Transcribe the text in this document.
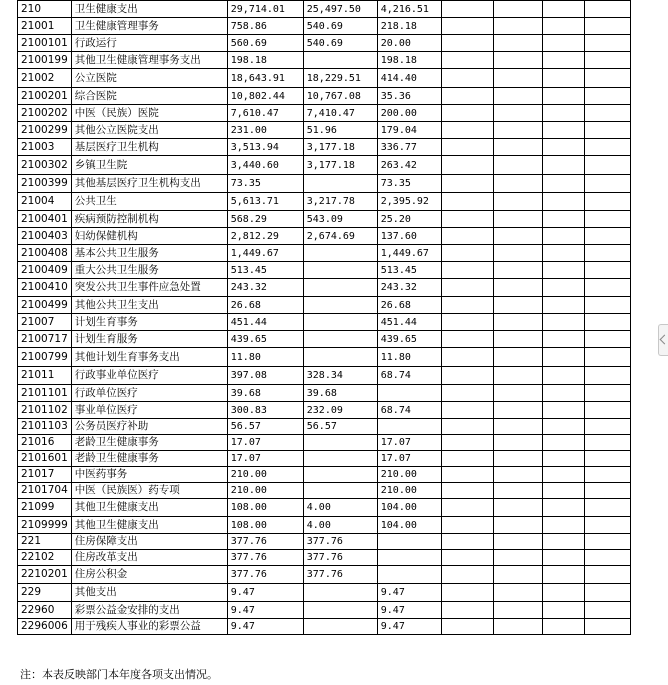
210	卫生健康支出	29,714.01	25,497.50	4,216.51				
21001	卫生健康管理事务	758.86	540.69	218.18				
2100101	行政运行	560.69	540.69	20.00				
2100199	其他卫生健康管理事务支出	198.18		198.18				
21002	公立医院	18,643.91	18,229.51	414.40				
2100201	综合医院	10,802.44	10,767.08	35.36				
2100202	中医（民族）医院	7,610.47	7,410.47	200.00				
2100299	其他公立医院支出	231.00	51.96	179.04				
21003	基层医疗卫生机构	3,513.94	3,177.18	336.77				
2100302	乡镇卫生院	3,440.60	3,177.18	263.42				
2100399	其他基层医疗卫生机构支出	73.35		73.35				
21004	公共卫生	5,613.71	3,217.78	2,395.92				
2100401	疾病预防控制机构	568.29	543.09	25.20				
2100403	妇幼保健机构	2,812.29	2,674.69	137.60				
2100408	基本公共卫生服务	1,449.67		1,449.67				
2100409	重大公共卫生服务	513.45		513.45				
2100410	突发公共卫生事件应急处置	243.32		243.32				
2100499	其他公共卫生支出	26.68		26.68				
21007	计划生育事务	451.44		451.44				
2100717	计划生育服务	439.65		439.65				
2100799	其他计划生育事务支出	11.80		11.80				
21011	行政事业单位医疗	397.08	328.34	68.74				
2101101	行政单位医疗	39.68	39.68					
2101102	事业单位医疗	300.83	232.09	68.74				
2101103	公务员医疗补助	56.57	56.57					
21016	老龄卫生健康事务	17.07		17.07				
2101601	老龄卫生健康事务	17.07		17.07				
21017	中医药事务	210.00		210.00				
2101704	中医（民族医）药专项	210.00		210.00				
21099	其他卫生健康支出	108.00	4.00	104.00				
2109999	其他卫生健康支出	108.00	4.00	104.00				
221	住房保障支出	377.76	377.76					
22102	住房改革支出	377.76	377.76					
2210201	住房公积金	377.76	377.76					
229	其他支出	9.47		9.47				
22960	彩票公益金安排的支出	9.47		9.47				
2296006	用于残疾人事业的彩票公益	9.47		9.47				
注：本表反映部门本年度各项支出情况。
